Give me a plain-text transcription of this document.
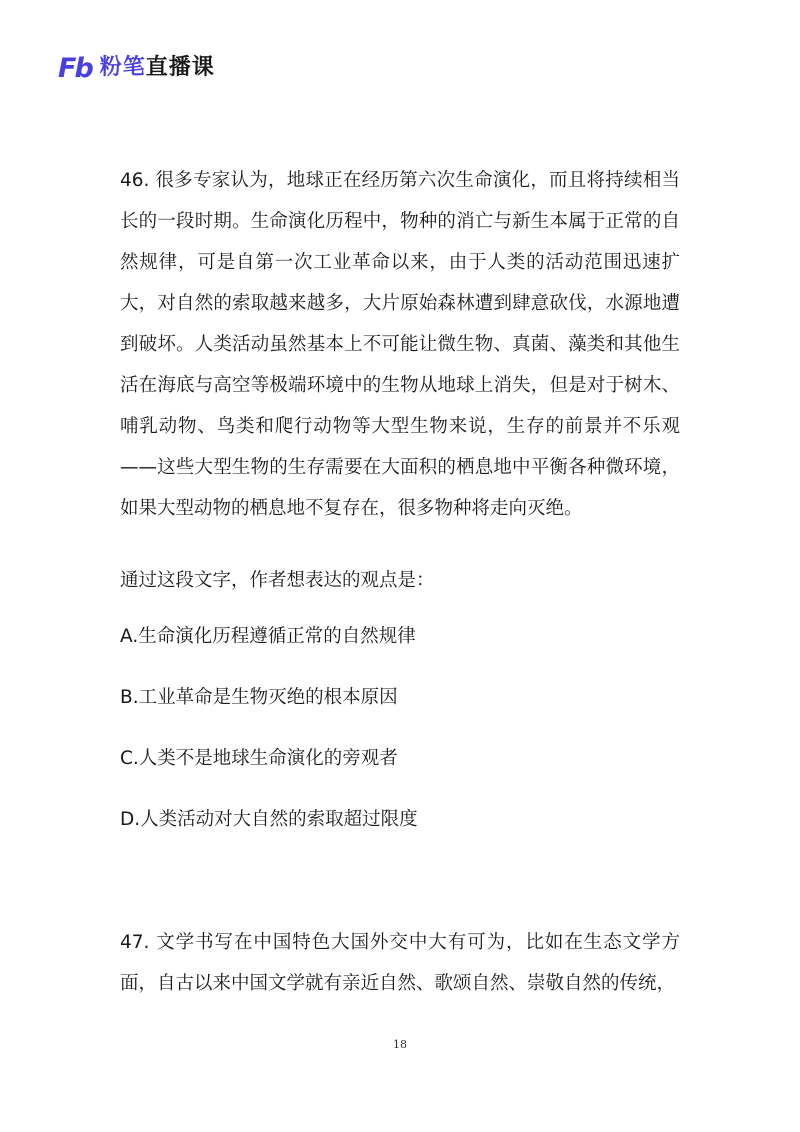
Fb 粉笔直播课

46. 很多专家认为，地球正在经历第六次生命演化，而且将持续相当长的一段时期。生命演化历程中，物种的消亡与新生本属于正常的自然规律，可是自第一次工业革命以来，由于人类的活动范围迅速扩大，对自然的索取越来越多，大片原始森林遭到肆意砍伐，水源地遭到破坏。人类活动虽然基本上不可能让微生物、真菌、藻类和其他生活在海底与高空等极端环境中的生物从地球上消失，但是对于树木、哺乳动物、鸟类和爬行动物等大型生物来说，生存的前景并不乐观——这些大型生物的生存需要在大面积的栖息地中平衡各种微环境，如果大型动物的栖息地不复存在，很多物种将走向灭绝。

通过这段文字，作者想表达的观点是：
A.生命演化历程遵循正常的自然规律
B.工业革命是生物灭绝的根本原因
C.人类不是地球生命演化的旁观者
D.人类活动对大自然的索取超过限度

47. 文学书写在中国特色大国外交中大有可为，比如在生态文学方面，自古以来中国文学就有亲近自然、歌颂自然、崇敬自然的传统，

18
